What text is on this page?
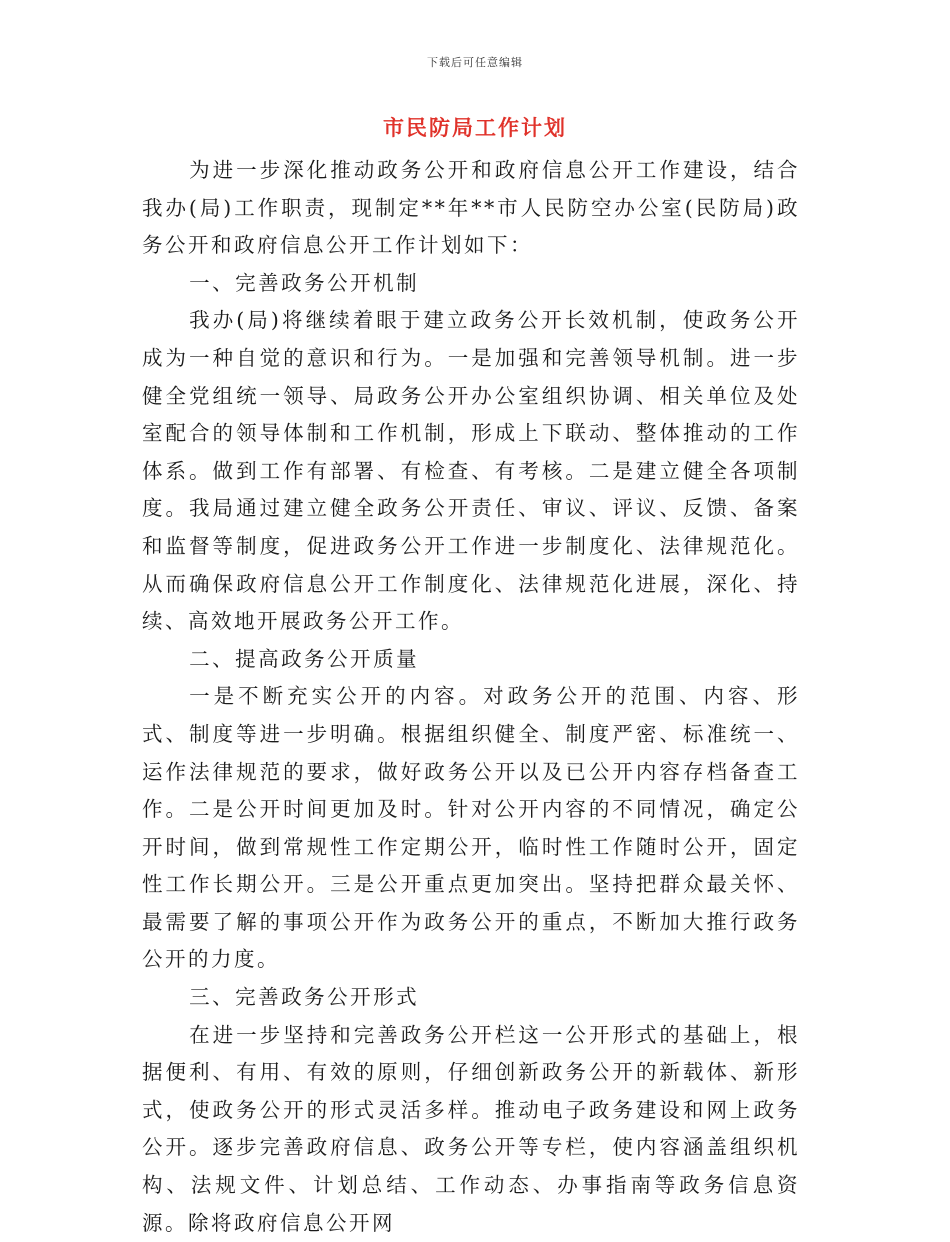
下载后可任意编辑
市民防局工作计划

为进一步深化推动政务公开和政府信息公开工作建设，结合我办(局)工作职责，现制定**年**市人民防空办公室(民防局)政务公开和政府信息公开工作计划如下：

一、完善政务公开机制

我办(局)将继续着眼于建立政务公开长效机制，使政务公开成为一种自觉的意识和行为。一是加强和完善领导机制。进一步健全党组统一领导、局政务公开办公室组织协调、相关单位及处室配合的领导体制和工作机制，形成上下联动、整体推动的工作体系。做到工作有部署、有检查、有考核。二是建立健全各项制度。我局通过建立健全政务公开责任、审议、评议、反馈、备案和监督等制度，促进政务公开工作进一步制度化、法律规范化。从而确保政府信息公开工作制度化、法律规范化进展，深化、持续、高效地开展政务公开工作。

二、提高政务公开质量

一是不断充实公开的内容。对政务公开的范围、内容、形式、制度等进一步明确。根据组织健全、制度严密、标准统一、运作法律规范的要求，做好政务公开以及已公开内容存档备查工作。二是公开时间更加及时。针对公开内容的不同情况，确定公开时间，做到常规性工作定期公开，临时性工作随时公开，固定性工作长期公开。三是公开重点更加突出。坚持把群众最关怀、最需要了解的事项公开作为政务公开的重点，不断加大推行政务公开的力度。

三、完善政务公开形式

在进一步坚持和完善政务公开栏这一公开形式的基础上，根据便利、有用、有效的原则，仔细创新政务公开的新载体、新形式，使政务公开的形式灵活多样。推动电子政务建设和网上政务公开。逐步完善政府信息、政务公开等专栏，使内容涵盖组织机构、法规文件、计划总结、工作动态、办事指南等政务信息资源。除将政府信息公开网
